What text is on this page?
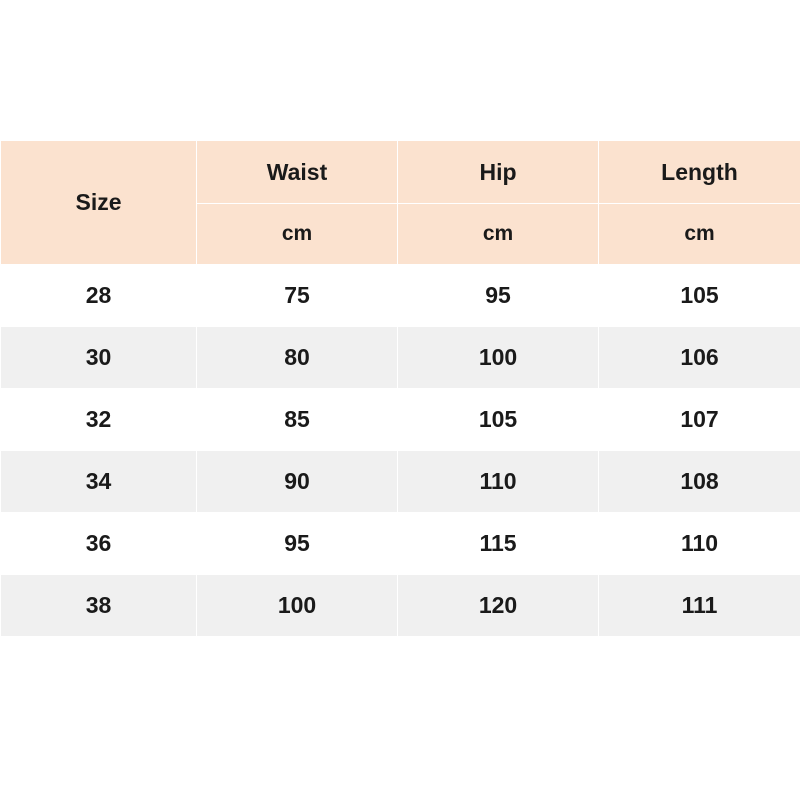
Size	Waist	Hip	Length
	cm	cm	cm
28	75	95	105
30	80	100	106
32	85	105	107
34	90	110	108
36	95	115	110
38	100	120	111
